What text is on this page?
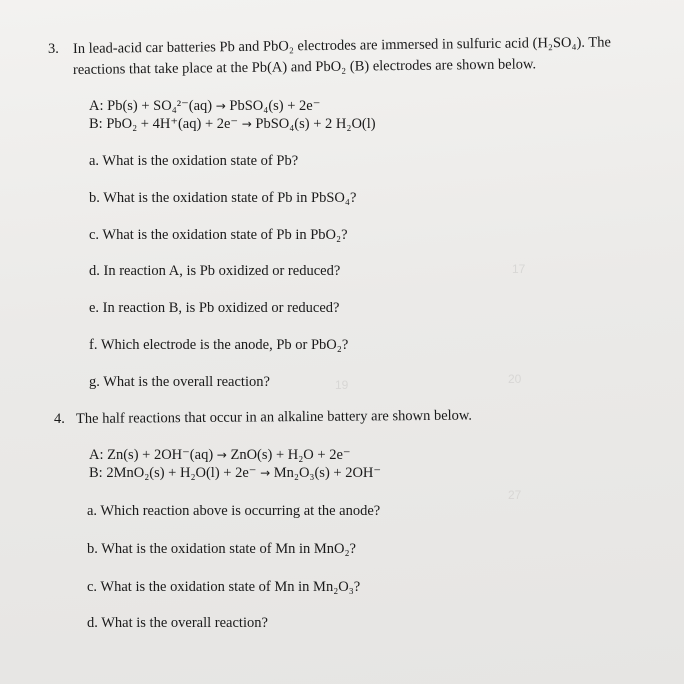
17
19	20
27
3. In lead-acid car batteries Pb and PbO₂ electrodes are immersed in sulfuric acid (H₂SO₄). The
reactions that take place at the Pb(A) and PbO₂ (B) electrodes are shown below.
A: Pb(s) + SO₄²⁻(aq) → PbSO₄(s) + 2e⁻
B: PbO₂ + 4H⁺(aq) + 2e⁻ → PbSO₄(s) + 2 H₂O(l)
a. What is the oxidation state of Pb?
b. What is the oxidation state of Pb in PbSO₄?
c. What is the oxidation state of Pb in PbO₂?
d. In reaction A, is Pb oxidized or reduced?
e. In reaction B, is Pb oxidized or reduced?
f. Which electrode is the anode, Pb or PbO₂?
g. What is the overall reaction?
4. The half reactions that occur in an alkaline battery are shown below.
A: Zn(s) + 2OH⁻(aq) → ZnO(s) + H₂O + 2e⁻
B: 2MnO₂(s) + H₂O(l) + 2e⁻ → Mn₂O₃(s) + 2OH⁻
a. Which reaction above is occurring at the anode?
b. What is the oxidation state of Mn in MnO₂?
c. What is the oxidation state of Mn in Mn₂O₃?
d. What is the overall reaction?
